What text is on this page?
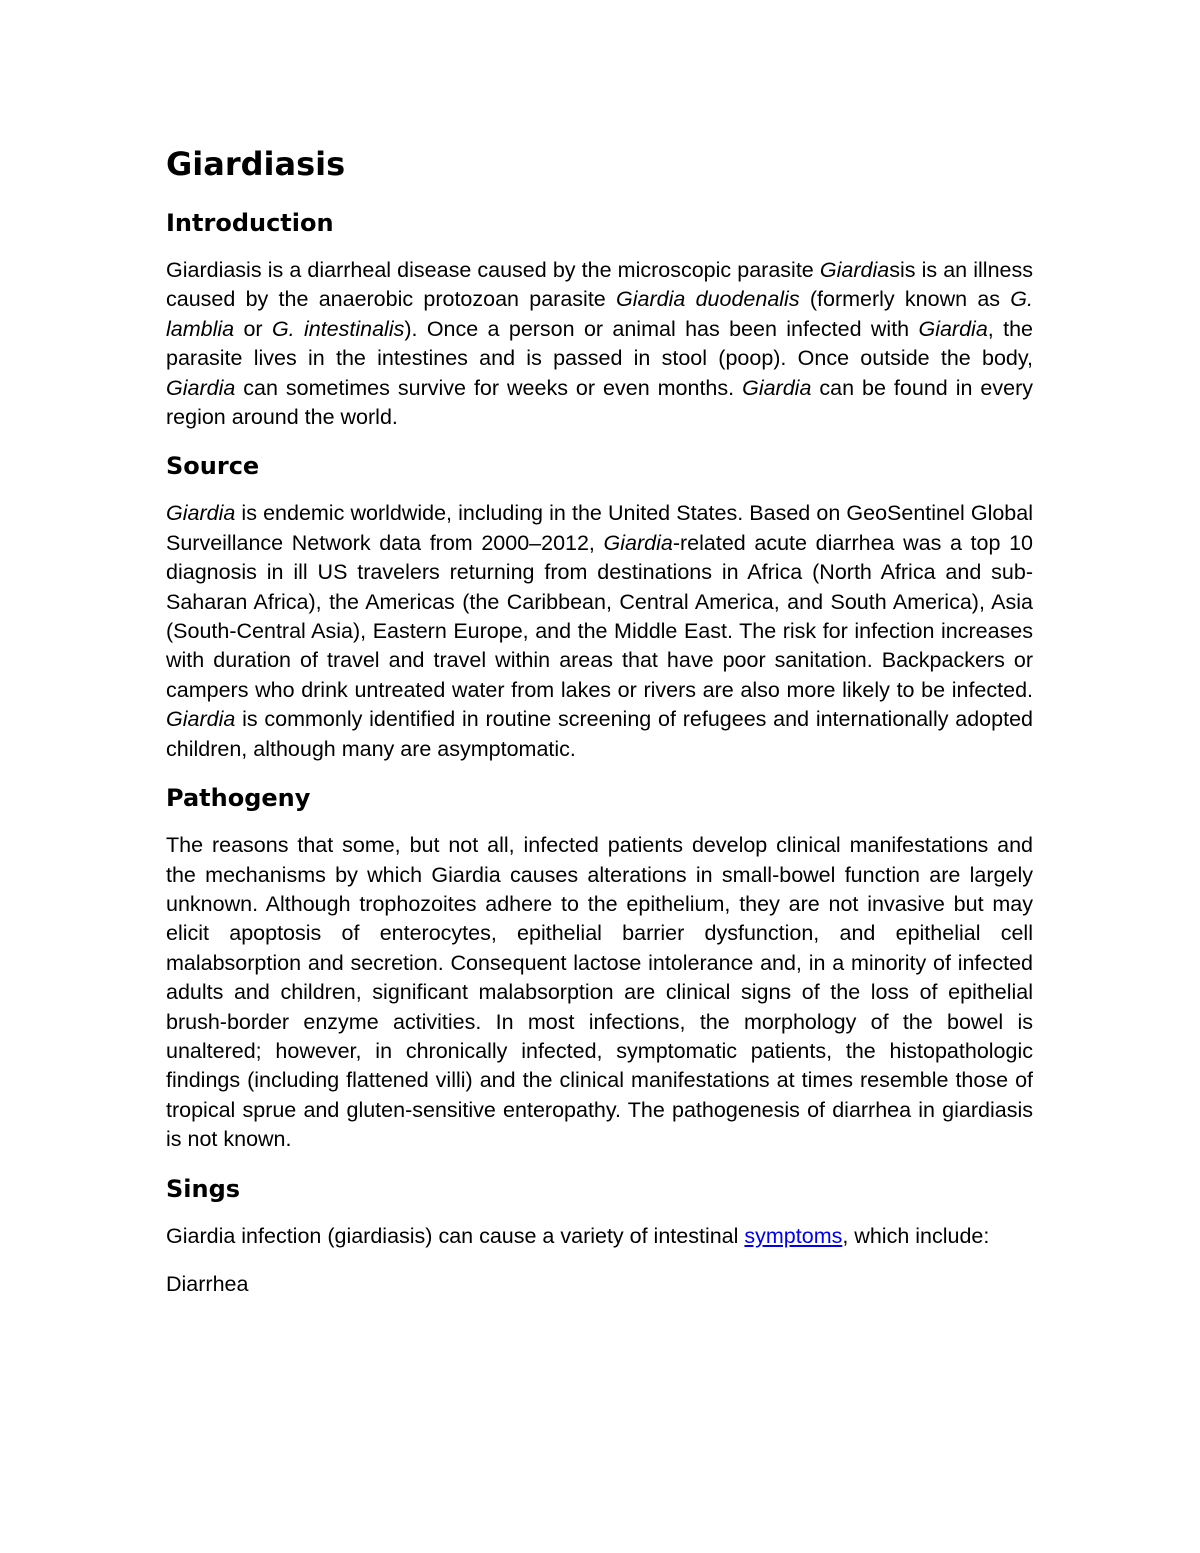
Giardiasis
Introduction

Giardiasis is a diarrheal disease caused by the microscopic parasite Giardiasis is an illness caused by the anaerobic protozoan parasite Giardia duodenalis (formerly known as G. lamblia or G. intestinalis). Once a person or animal has been infected with Giardia, the parasite lives in the intestines and is passed in stool (poop). Once outside the body, Giardia can sometimes survive for weeks or even months. Giardia can be found in every region around the world.

Source

Giardia is endemic worldwide, including in the United States. Based on GeoSentinel Global Surveillance Network data from 2000–2012, Giardia-related acute diarrhea was a top 10 diagnosis in ill US travelers returning from destinations in Africa (North Africa and sub-Saharan Africa), the Americas (the Caribbean, Central America, and South America), Asia (South-Central Asia), Eastern Europe, and the Middle East. The risk for infection increases with duration of travel and travel within areas that have poor sanitation. Backpackers or campers who drink untreated water from lakes or rivers are also more likely to be infected. Giardia is commonly identified in routine screening of refugees and internationally adopted children, although many are asymptomatic.

Pathogeny

The reasons that some, but not all, infected patients develop clinical manifestations and the mechanisms by which Giardia causes alterations in small-bowel function are largely unknown. Although trophozoites adhere to the epithelium, they are not invasive but may elicit apoptosis of enterocytes, epithelial barrier dysfunction, and epithelial cell malabsorption and secretion. Consequent lactose intolerance and, in a minority of infected adults and children, significant malabsorption are clinical signs of the loss of epithelial brush-border enzyme activities. In most infections, the morphology of the bowel is unaltered; however, in chronically infected, symptomatic patients, the histopathologic findings (including flattened villi) and the clinical manifestations at times resemble those of tropical sprue and gluten-sensitive enteropathy. The pathogenesis of diarrhea in giardiasis is not known.

Sings

Giardia infection (giardiasis) can cause a variety of intestinal symptoms, which include:

Diarrhea
